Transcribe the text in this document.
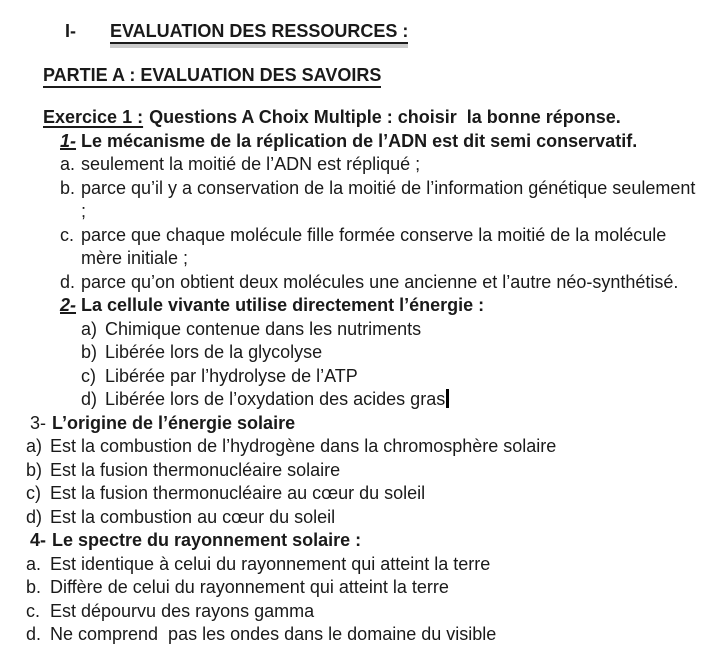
I- EVALUATION DES RESSOURCES :
PARTIE A : EVALUATION DES SAVOIRS
Exercice 1 : Questions A Choix Multiple : choisir  la bonne réponse.
1- Le mécanisme de la réplication de l’ADN est dit semi conservatif.
a. seulement la moitié de l’ADN est répliqué ;
b. parce qu’il y a conservation de la moitié de l’information génétique seulement ;
c. parce que chaque molécule fille formée conserve la moitié de la molécule mère initiale ;
d. parce qu’on obtient deux molécules une ancienne et l’autre néo-synthétisé.
2- La cellule vivante utilise directement l’énergie :
a) Chimique contenue dans les nutriments
b) Libérée lors de la glycolyse
c) Libérée par l’hydrolyse de l’ATP
d) Libérée lors de l’oxydation des acides gras
3- L’origine de l’énergie solaire
a) Est la combustion de l’hydrogène dans la chromosphère solaire
b) Est la fusion thermonucléaire solaire
c) Est la fusion thermonucléaire au cœur du soleil
d) Est la combustion au cœur du soleil
4- Le spectre du rayonnement solaire :
a. Est identique à celui du rayonnement qui atteint la terre
b. Diffère de celui du rayonnement qui atteint la terre
c. Est dépourvu des rayons gamma
d. Ne comprend  pas les ondes dans le domaine du visible
